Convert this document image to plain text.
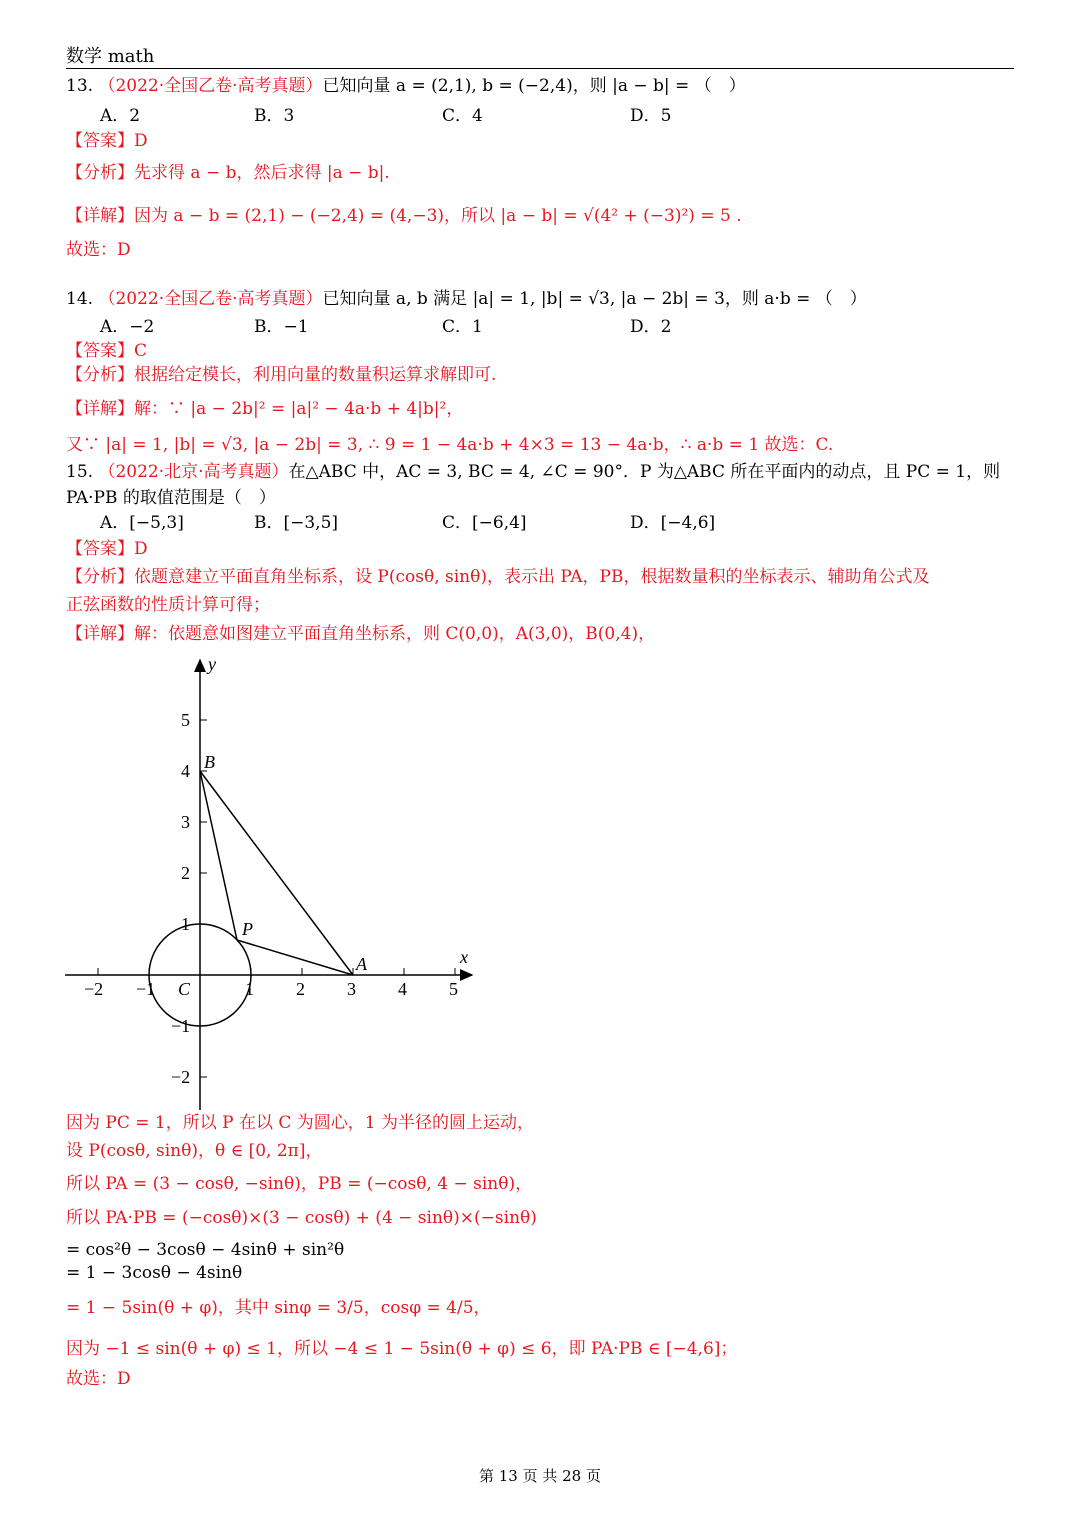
数学 math
13. （2022·全国乙卷·高考真题）已知向量 a = (2,1), b = (−2,4)，则 |a − b| = （　）
A．2	B．3	C．4	D．5
【答案】D
【分析】先求得 a − b，然后求得 |a − b|.
【详解】因为 a − b = (2,1) − (−2,4) = (4,−3)，所以 |a − b| = √(4² + (−3)²) = 5 .
故选：D
14. （2022·全国乙卷·高考真题）已知向量 a, b 满足 |a| = 1, |b| = √3, |a − 2b| = 3，则 a·b = （　）
A．−2	B．−1	C．1	D．2
【答案】C
【分析】根据给定模长，利用向量的数量积运算求解即可.
【详解】解：∵ |a − 2b|² = |a|² − 4a·b + 4|b|²，
又∵ |a| = 1, |b| = √3, |a − 2b| = 3, ∴ 9 = 1 − 4a·b + 4×3 = 13 − 4a·b，∴ a·b = 1 故选：C.
15. （2022·北京·高考真题）在△ABC 中，AC = 3, BC = 4, ∠C = 90°．P 为△ABC 所在平面内的动点，且 PC = 1，则
PA·PB 的取值范围是（　）
A．[−5,3]	B．[−3,5]	C．[−6,4]	D．[−4,6]
【答案】D
【分析】依题意建立平面直角坐标系，设 P(cosθ, sinθ)，表示出 PA，PB，根据数量积的坐标表示、辅助角公式及
正弦函数的性质计算可得；
【详解】解：依题意如图建立平面直角坐标系，则 C(0,0)，A(3,0)，B(0,4)，
−2 −1	1 2 3 4 5
5
4
3
2
1
−1
−2
x
y
B
P
A
C
因为 PC = 1，所以 P 在以 C 为圆心，1 为半径的圆上运动，
设 P(cosθ, sinθ)，θ ∈ [0, 2π]，
所以 PA = (3 − cosθ, −sinθ)，PB = (−cosθ, 4 − sinθ)，
所以 PA·PB = (−cosθ)×(3 − cosθ) + (4 − sinθ)×(−sinθ)
= cos²θ − 3cosθ − 4sinθ + sin²θ
= 1 − 3cosθ − 4sinθ
= 1 − 5sin(θ + φ)，其中 sinφ = 3/5，cosφ = 4/5，
因为 −1 ≤ sin(θ + φ) ≤ 1，所以 −4 ≤ 1 − 5sin(θ + φ) ≤ 6，即 PA·PB ∈ [−4,6]；
故选：D
第 13 页 共 28 页
